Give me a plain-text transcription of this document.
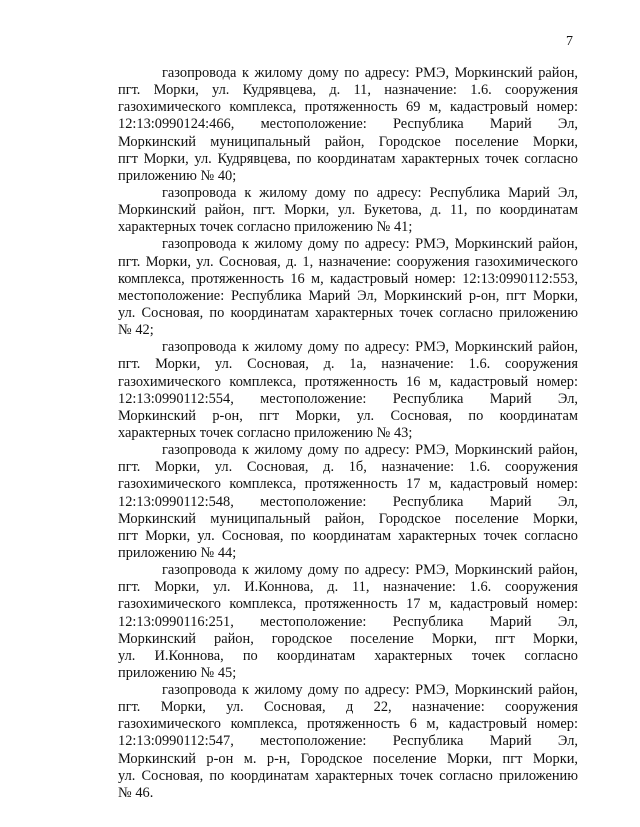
7
газопровода к жилому дому по адресу: РМЭ, Моркинский район,
пгт. Морки, ул. Кудрявцева, д. 11, назначение: 1.6. сооружения
газохимического комплекса, протяженность 69 м, кадастровый номер:
12:13:0990124:466, местоположение: Республика Марий Эл,
Моркинский муниципальный район, Городское поселение Морки,
пгт Морки, ул. Кудрявцева, по координатам характерных точек согласно
приложению № 40;
газопровода к жилому дому по адресу: Республика Марий Эл,
Моркинский район, пгт. Морки, ул. Букетова, д. 11, по координатам
характерных точек согласно приложению № 41;
газопровода к жилому дому по адресу: РМЭ, Моркинский район,
пгт. Морки, ул. Сосновая, д. 1, назначение: сооружения газохимического
комплекса, протяженность 16 м, кадастровый номер: 12:13:0990112:553,
местоположение: Республика Марий Эл, Моркинский р-он, пгт Морки,
ул. Сосновая, по координатам характерных точек согласно приложению
№ 42;
газопровода к жилому дому по адресу: РМЭ, Моркинский район,
пгт. Морки, ул. Сосновая, д. 1а, назначение: 1.6. сооружения
газохимического комплекса, протяженность 16 м, кадастровый номер:
12:13:0990112:554, местоположение: Республика Марий Эл,
Моркинский р-он, пгт Морки, ул. Сосновая, по координатам
характерных точек согласно приложению № 43;
газопровода к жилому дому по адресу: РМЭ, Моркинский район,
пгт. Морки, ул. Сосновая, д. 1б, назначение: 1.6. сооружения
газохимического комплекса, протяженность 17 м, кадастровый номер:
12:13:0990112:548, местоположение: Республика Марий Эл,
Моркинский муниципальный район, Городское поселение Морки,
пгт Морки, ул. Сосновая, по координатам характерных точек согласно
приложению № 44;
газопровода к жилому дому по адресу: РМЭ, Моркинский район,
пгт. Морки, ул. И.Коннова, д. 11, назначение: 1.6. сооружения
газохимического комплекса, протяженность 17 м, кадастровый номер:
12:13:0990116:251, местоположение: Республика Марий Эл,
Моркинский район, городское поселение Морки, пгт Морки,
ул. И.Коннова, по координатам характерных точек согласно
приложению № 45;
газопровода к жилому дому по адресу: РМЭ, Моркинский район,
пгт. Морки, ул. Сосновая, д 22, назначение: сооружения
газохимического комплекса, протяженность 6 м, кадастровый номер:
12:13:0990112:547, местоположение: Республика Марий Эл,
Моркинский р-он м. р-н, Городское поселение Морки, пгт Морки,
ул. Сосновая, по координатам характерных точек согласно приложению
№ 46.
